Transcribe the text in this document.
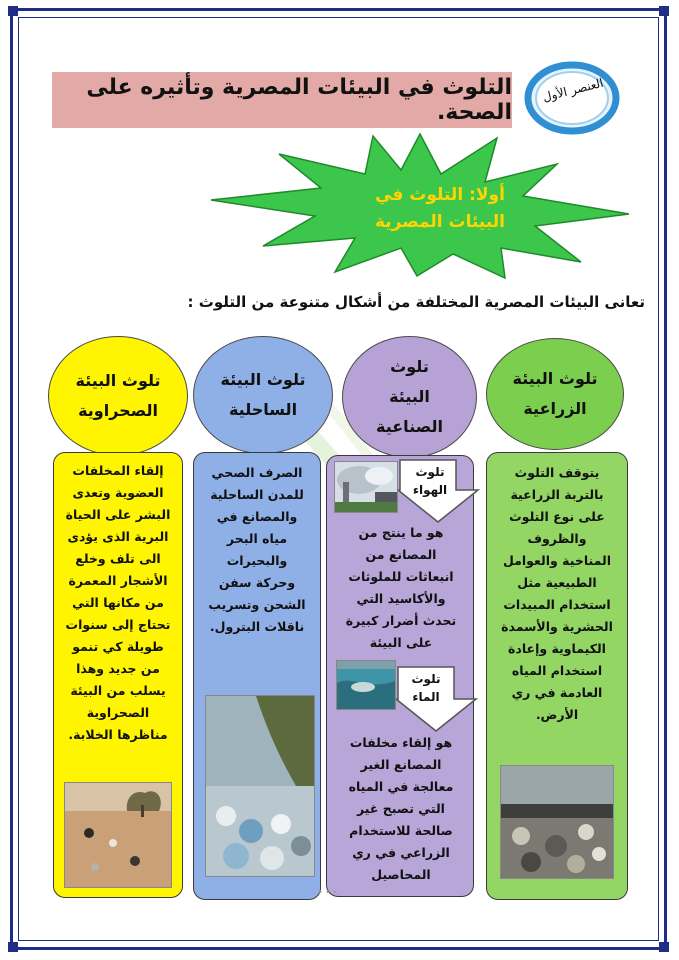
العنصر الأول
التلوث في البيئات المصرية وتأثيره على الصحة.
أولا: التلوث في
البيئات المصرية
تعانى البيئات المصرية المختلفة من أشكال متنوعة من التلوث :
تلوث البيئة
الزراعية
يتوقف التلوث
بالتربة الزراعية
على نوع التلوث
والظروف
المناخية والعوامل
الطبيعية مثل
استخدام المبيدات
الحشرية والأسمدة
الكيماوية وإعادة
استخدام المياه
العادمة في ري
الأرض.
تلوث
البيئة
الصناعية
تلوث
الهواء
هو ما ينتج من
المصانع من
انبعاثات للملوثات
والأكاسيد التي
تحدث أضرار كبيرة
على البيئة
تلوث
الماء
هو إلقاء مخلفات
المصانع الغير
معالجة في المياه
التي تصبح غير
صالحة للاستخدام
الزراعي في ري
المحاصيل
تلوث البيئة
الساحلية
الصرف الصحي
للمدن الساحلية
والمصانع في
مياه البحر
والبحيرات
وحركة سفن
الشحن وتسريب
ناقلات البترول.
تلوث البيئة
الصحراوية
إلقاء المخلفات
العضوية وتعدى
البشر على الحياة
البرية الذى يؤدى
الى تلف وخلع
الأشجار المعمرة
من مكانها التي
تحتاج إلى سنوات
طويلة كي تنمو
من جديد وهذا
يسلب من البيئة
الصحراوية
مناظرها الخلابة.
• • •
